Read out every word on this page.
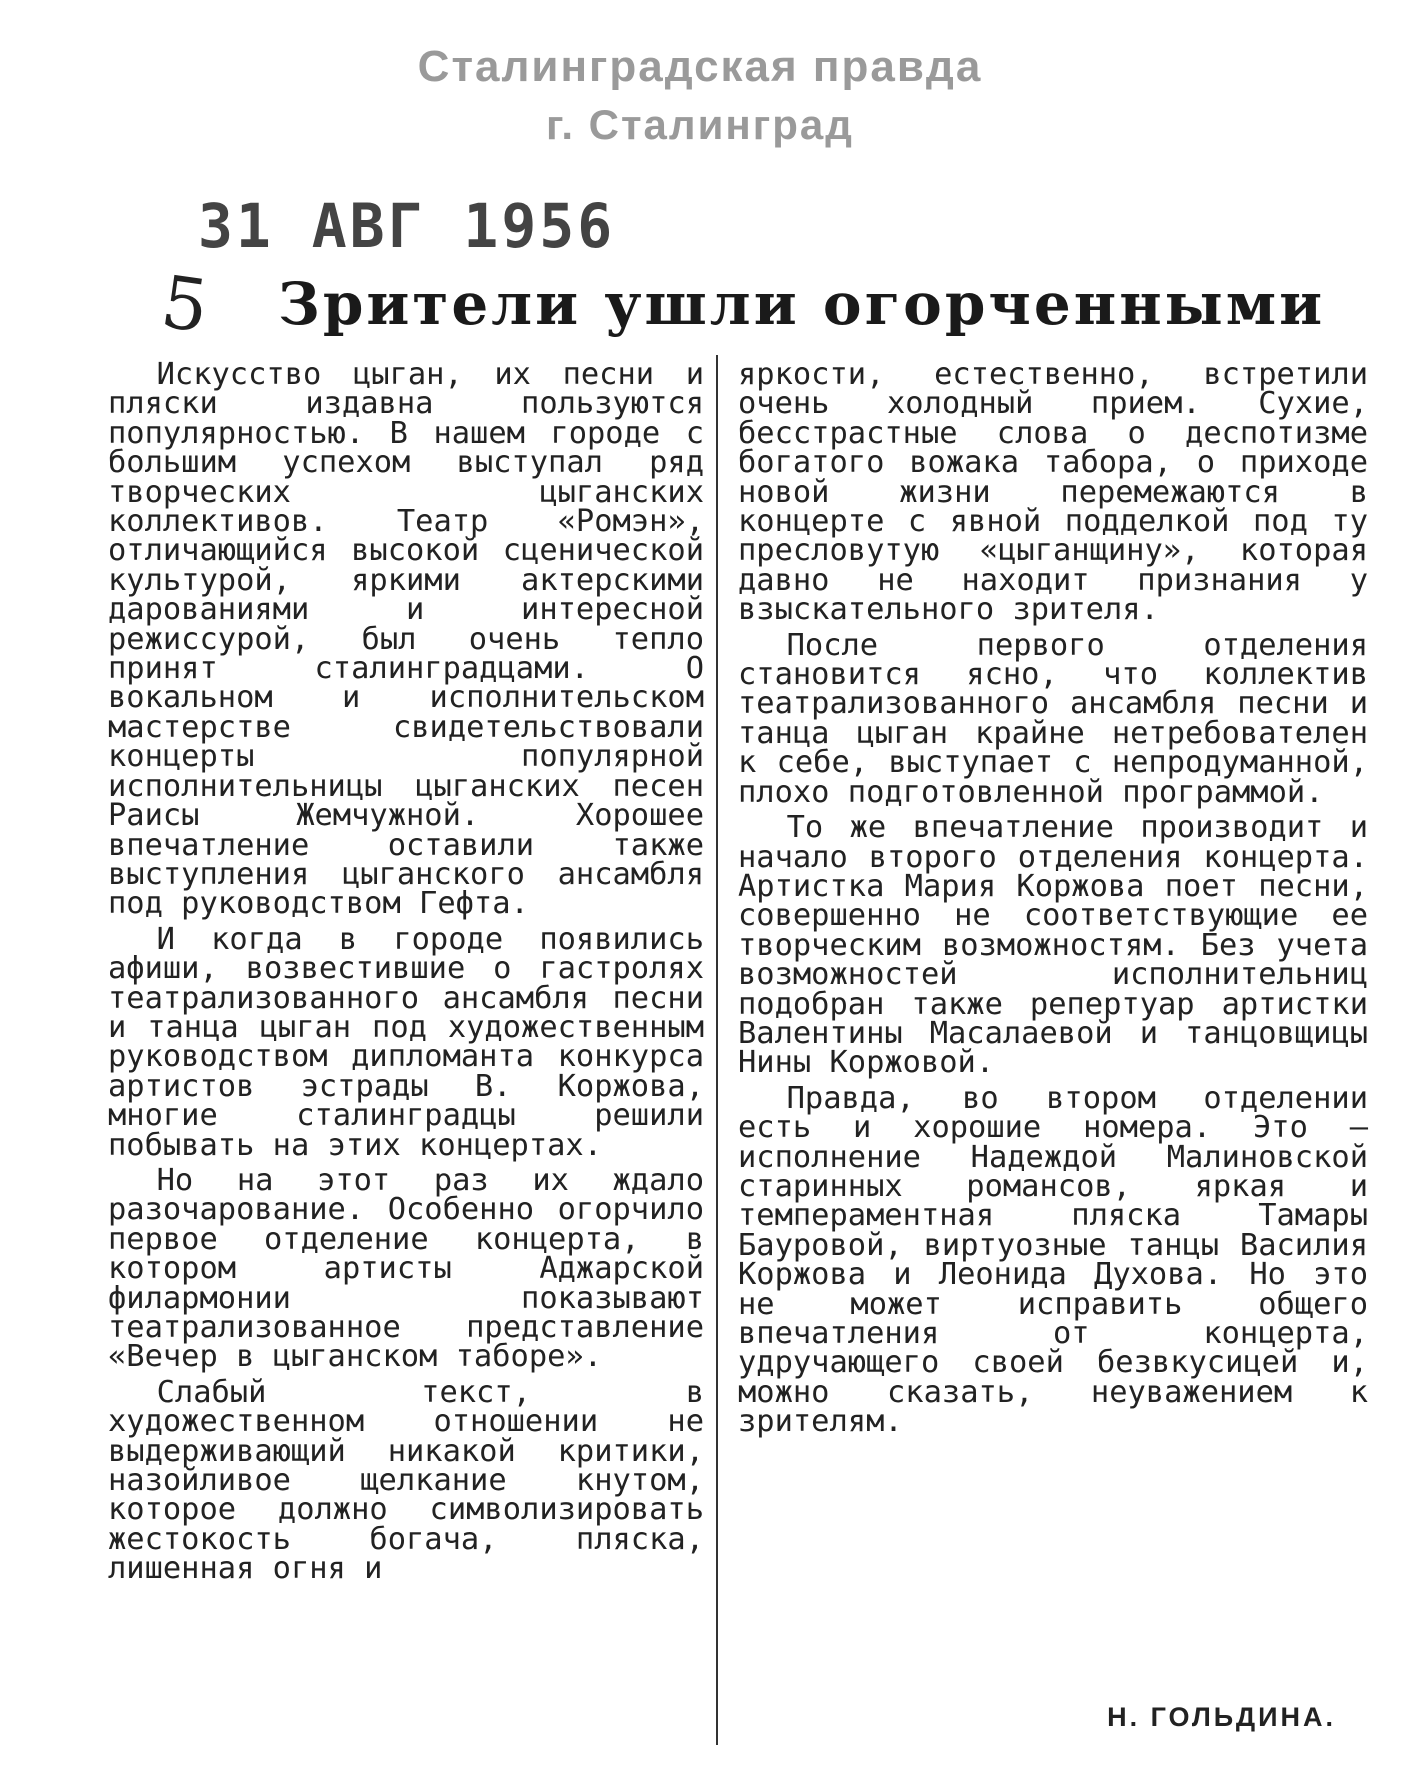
Сталинградская правда
г. Сталинград
31 АВГ 1956
5 Зрители ушли огорченными

Искусство цыган, их песни и пляски издавна пользуются популярностью. В нашем городе с большим успехом выступал ряд творческих цыганских коллективов. Театр «Ромэн», отличающийся высокой сценической культурой, яркими актерскими дарованиями и интересной режиссурой, был очень тепло принят сталинградцами. О вокальном и исполнительском мастерстве свидетельствовали концерты популярной исполнительницы цыганских песен Раисы Жемчужной. Хорошее впечатление оставили также выступления цыганского ансамбля под руководством Гефта.

И когда в городе появились афиши, возвестившие о гастролях театрализованного ансамбля песни и танца цыган под художественным руководством дипломанта конкурса артистов эстрады В. Коржова, многие сталинградцы решили побывать на этих концертах.

Но на этот раз их ждало разочарование. Особенно огорчило первое отделение концерта, в котором артисты Аджарской филармонии показывают театрализованное представление «Вечер в цыганском таборе».

Слабый текст, в художественном отношении не выдерживающий никакой критики, назойливое щелкание кнутом, которое должно символизировать жестокость богача, пляска, лишенная огня и

яркости, естественно, встретили очень холодный прием. Сухие, бесстрастные слова о деспотизме богатого вожака табора, о приходе новой жизни перемежаются в концерте с явной подделкой под ту пресловутую «цыганщину», которая давно не находит признания у взыскательного зрителя.

После первого отделения становится ясно, что коллектив театрализованного ансамбля песни и танца цыган крайне нетребователен к себе, выступает с непродуманной, плохо подготовленной программой.

То же впечатление производит и начало второго отделения концерта. Артистка Мария Коржова поет песни, совершенно не соответствующие ее творческим возможностям. Без учета возможностей исполнительниц подобран также репертуар артистки Валентины Масалаевой и танцовщицы Нины Коржовой.

Правда, во втором отделении есть и хорошие номера. Это — исполнение Надеждой Малиновской старинных романсов, яркая и темпераментная пляска Тамары Бауровой, виртуозные танцы Василия Коржова и Леонида Духова. Но это не может исправить общего впечатления от концерта, удручающего своей безвкусицей и, можно сказать, неуважением к зрителям.

Н. ГОЛЬДИНА.
